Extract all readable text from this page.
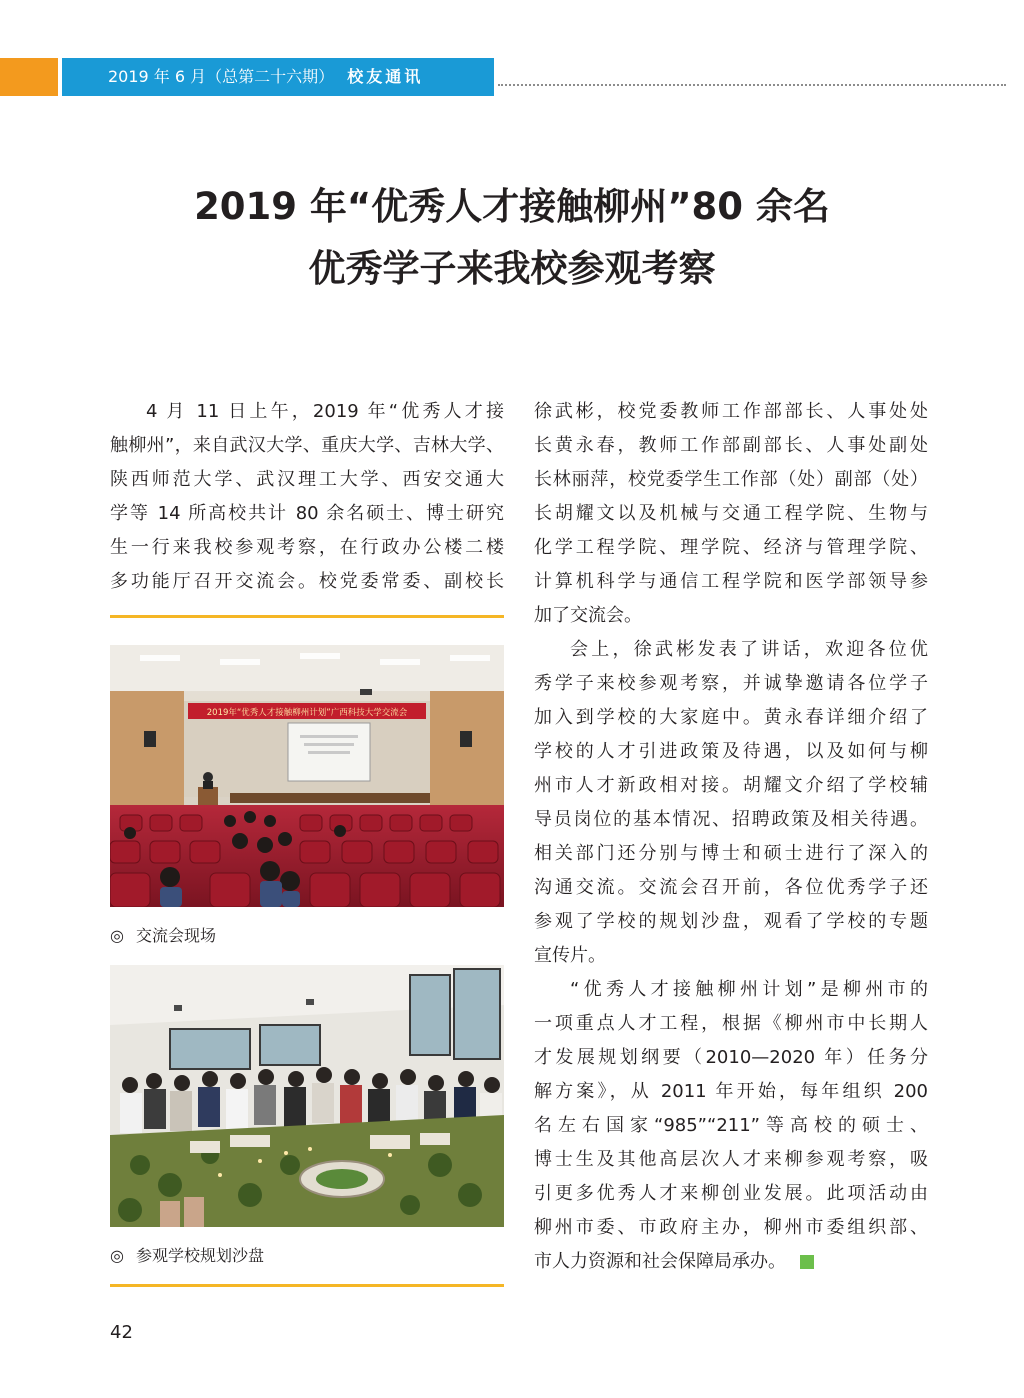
2019 年 6 月（总第二十六期） 校友通讯
2019 年“优秀人才接触柳州”80 余名
优秀学子来我校参观考察
4 月 11 日上午，2019 年“优秀人才接
触柳州”，来自武汉大学、重庆大学、吉林大学、
陕西师范大学、武汉理工大学、西安交通大
学等 14 所高校共计 80 余名硕士、博士研究
生一行来我校参观考察，在行政办公楼二楼
多功能厅召开交流会。校党委常委、副校长
2019年“优秀人才接触柳州计划”广西科技大学交流会
◎ 交流会现场
◎ 参观学校规划沙盘
徐武彬，校党委教师工作部部长、人事处处
长黄永春，教师工作部副部长、人事处副处
长林丽萍，校党委学生工作部（处）副部（处）
长胡耀文以及机械与交通工程学院、生物与
化学工程学院、理学院、经济与管理学院、
计算机科学与通信工程学院和医学部领导参
加了交流会。
会上，徐武彬发表了讲话，欢迎各位优
秀学子来校参观考察，并诚挚邀请各位学子
加入到学校的大家庭中。黄永春详细介绍了
学校的人才引进政策及待遇，以及如何与柳
州市人才新政相对接。胡耀文介绍了学校辅
导员岗位的基本情况、招聘政策及相关待遇。
相关部门还分别与博士和硕士进行了深入的
沟通交流。交流会召开前，各位优秀学子还
参观了学校的规划沙盘，观看了学校的专题
宣传片。
“优秀人才接触柳州计划”是柳州市的
一项重点人才工程，根据《柳州市中长期人
才发展规划纲要（2010—2020 年）任务分
解方案》，从 2011 年开始，每年组织 200
名左右国家“985”“211”等高校的硕士、
博士生及其他高层次人才来柳参观考察，吸
引更多优秀人才来柳创业发展。此项活动由
柳州市委、市政府主办，柳州市委组织部、
市人力资源和社会保障局承办。
42
